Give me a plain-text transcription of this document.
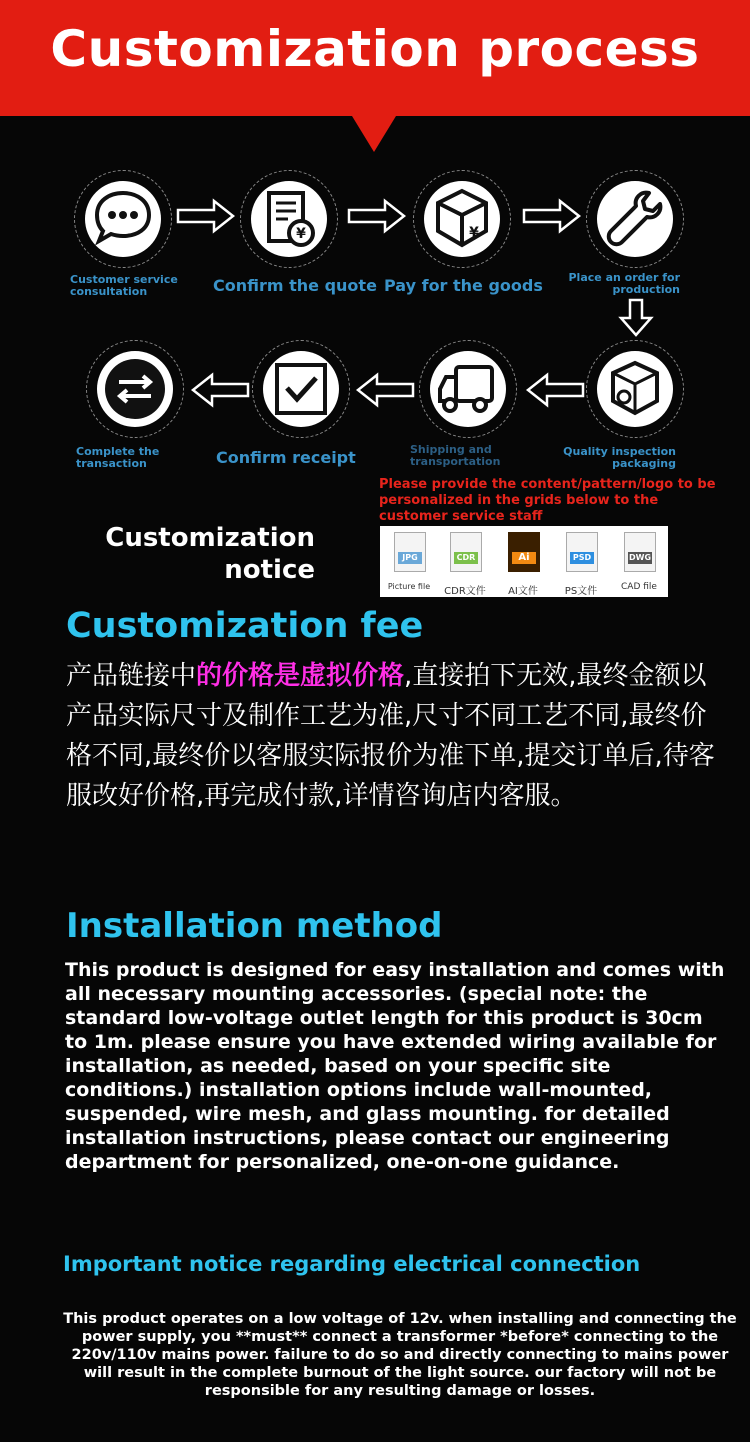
Customization process
¥	¥
Customer service consultation	Confirm the quote Pay for the goods	Place an order for production
Complete the transaction	Confirm receipt	Shipping and transportation
Quality inspection packaging
Please provide the content/pattern/logo to be personalized in the grids below to the customer service staff
Customization
notice	JPG
Picture file
CDR
CDR文件
Ai
AI文件
PSD
PS文件
DWG
CAD file
Customization fee
产品链接中的价格是虚拟价格,直接拍下无效,最终金额以产品实际尺寸及制作工艺为准,尺寸不同工艺不同,最终价格不同,最终价以客服实际报价为准下单,提交订单后,待客服改好价格,再完成付款,详情咨询店内客服。
Installation method
This product is designed for easy installation and comes with all necessary mounting accessories. (special note: the standard low-voltage outlet length for this product is 30cm to 1m. please ensure you have extended wiring available for installation, as needed, based on your specific site conditions.) installation options include wall-mounted, suspended, wire mesh, and glass mounting. for detailed installation instructions, please contact our engineering department for personalized, one-on-one guidance.
Important notice regarding electrical connection
This product operates on a low voltage of 12v. when installing and connecting the power supply, you **must** connect a transformer *before* connecting to the 220v/110v mains power. failure to do so and directly connecting to mains power will result in the complete burnout of the light source. our factory will not be responsible for any resulting damage or losses.
